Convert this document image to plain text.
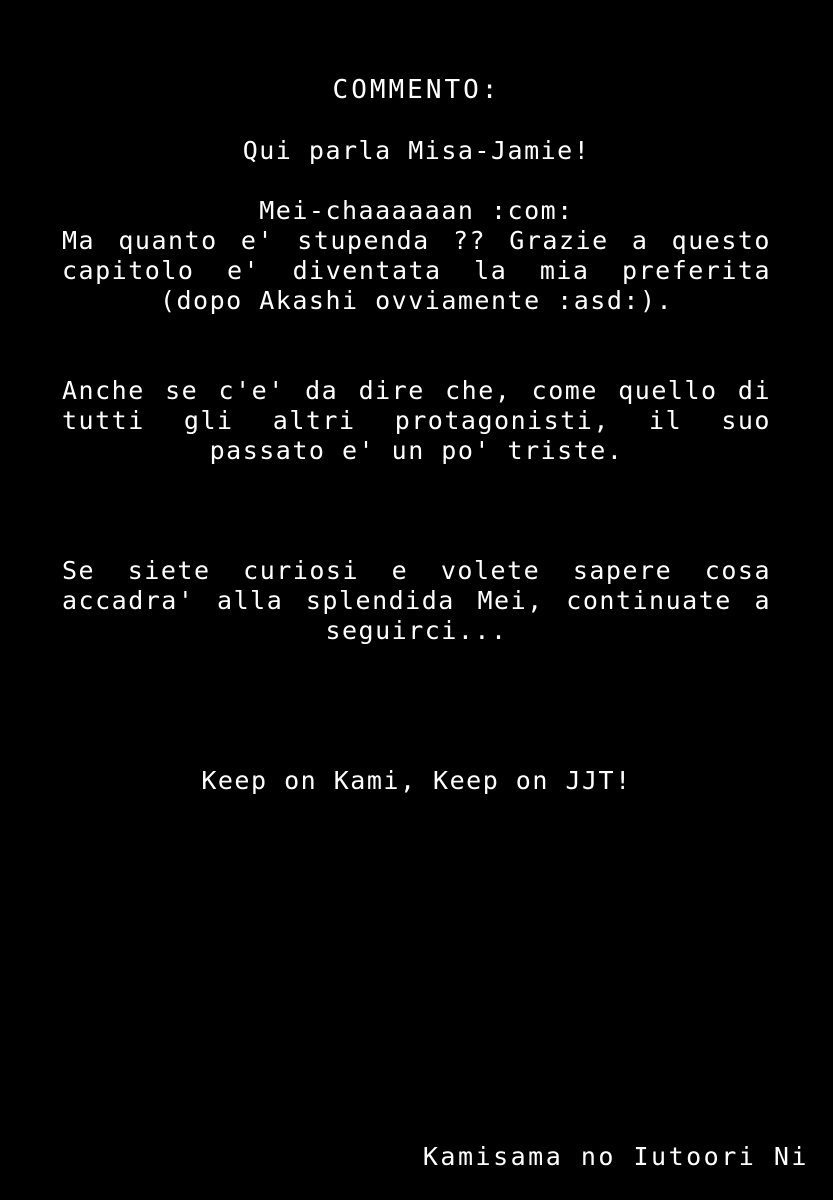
COMMENTO:
Qui parla Misa-Jamie!
Mei-chaaaaaan :com:
Ma quanto e' stupenda ?? Grazie a questo capitolo e' diventata la mia preferita (dopo Akashi ovviamente :asd:).
Anche se c'e' da dire che, come quello di tutti gli altri protagonisti, il suo passato e' un po' triste.
Se siete curiosi e volete sapere cosa accadra' alla splendida Mei, continuate a seguirci...
Keep on Kami, Keep on JJT!
Kamisama no Iutoori Ni
